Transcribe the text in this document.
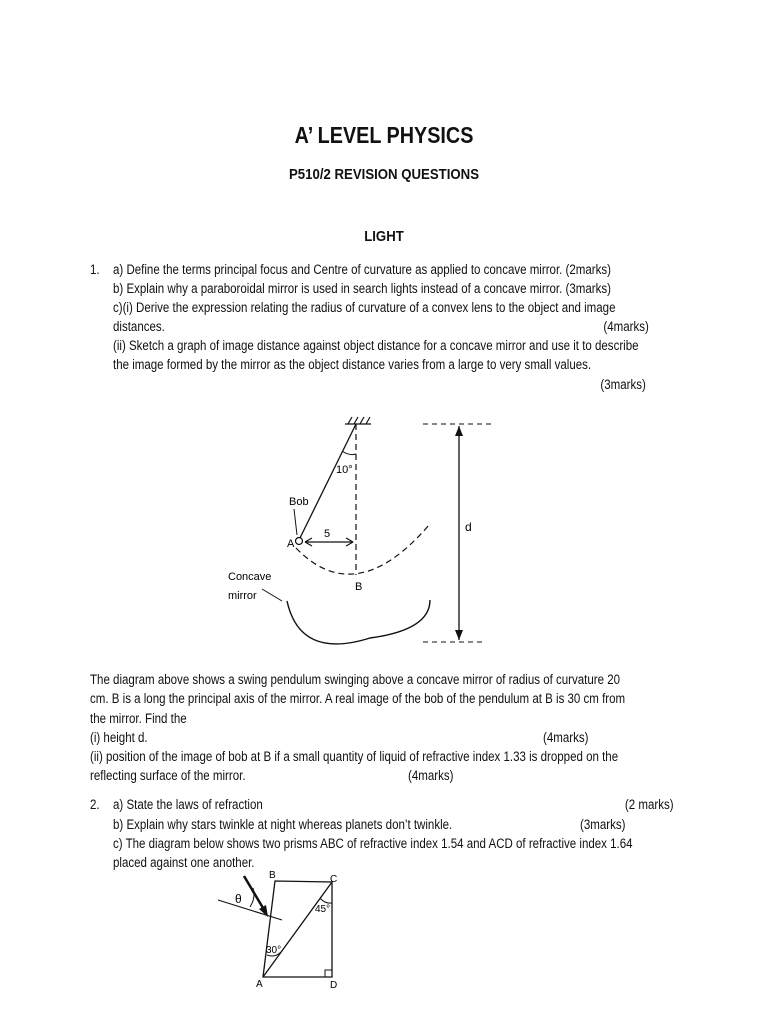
A’ LEVEL PHYSICS
P510/2 REVISION QUESTIONS
LIGHT
1. a) Define the terms principal focus and Centre of curvature as applied to concave mirror. (2marks)
b) Explain why a paraboroidal mirror is used in search lights instead of a concave mirror. (3marks)
c)(i) Derive the expression relating the radius of curvature of a convex lens to the object and image
distances.	(4marks)
(ii) Sketch a graph of image distance against object distance for a concave mirror and use it to describe
the image formed by the mirror as the object distance varies from a large to very small values.
(3marks)
10°
Bob
A
5
B
Concave
mirror
d
The diagram above shows a swing pendulum swinging above a concave mirror of radius of curvature 20
cm. B is a long the principal axis of the mirror. A real image of the bob of the pendulum at B is 30 cm from
the mirror. Find the
(i) height d.	(4marks)
(ii) position of the image of bob at B if a small quantity of liquid of refractive index 1.33 is dropped on the
reflecting surface of the mirror.	(4marks)
2. a) State the laws of refraction	(2 marks)
b) Explain why stars twinkle at night whereas planets don’t twinkle.	(3marks)
c) The diagram below shows two prisms ABC of refractive index 1.54 and ACD of refractive index 1.64
placed against one another.
θ
B	C
45°
30°
A	D
